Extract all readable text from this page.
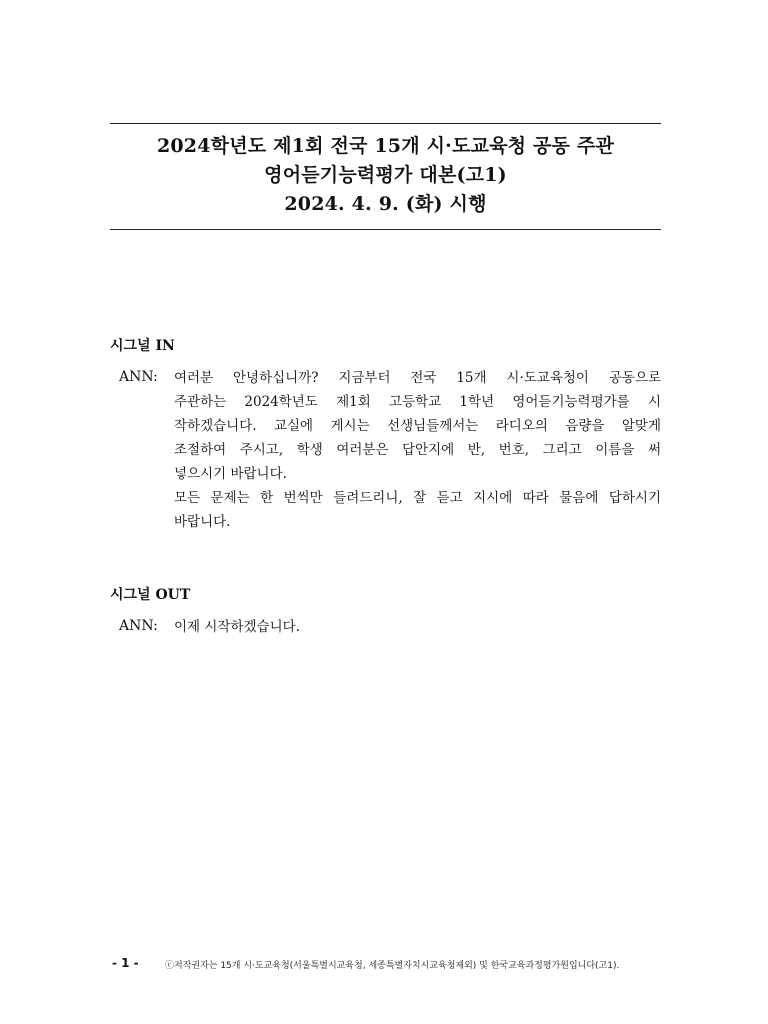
2024학년도 제1회 전국 15개 시·도교육청 공동 주관
영어듣기능력평가 대본(고1)
2024. 4. 9. (화) 시행
시그널 IN
ANN: 여러분 안녕하십니까? 지금부터 전국 15개 시·도교육청이 공동으로
주관하는 2024학년도 제1회 고등학교 1학년 영어듣기능력평가를 시
작하겠습니다. 교실에 게시는 선생님들께서는 라디오의 음량을 알맞게
조절하여 주시고, 학생 여러분은 답안지에 반, 번호, 그리고 이름을 써
넣으시기 바랍니다.
모든 문제는 한 번씩만 들려드리니, 잘 듣고 지시에 따라 물음에 답하시기
바랍니다.
시그널 OUT
ANN: 이제 시작하겠습니다.
- 1 -	ⓒ저작권자는 15개 시·도교육청(서울특별시교육청, 세종특별자치시교육청제외) 및 한국교육과정평가원입니다(고1).
